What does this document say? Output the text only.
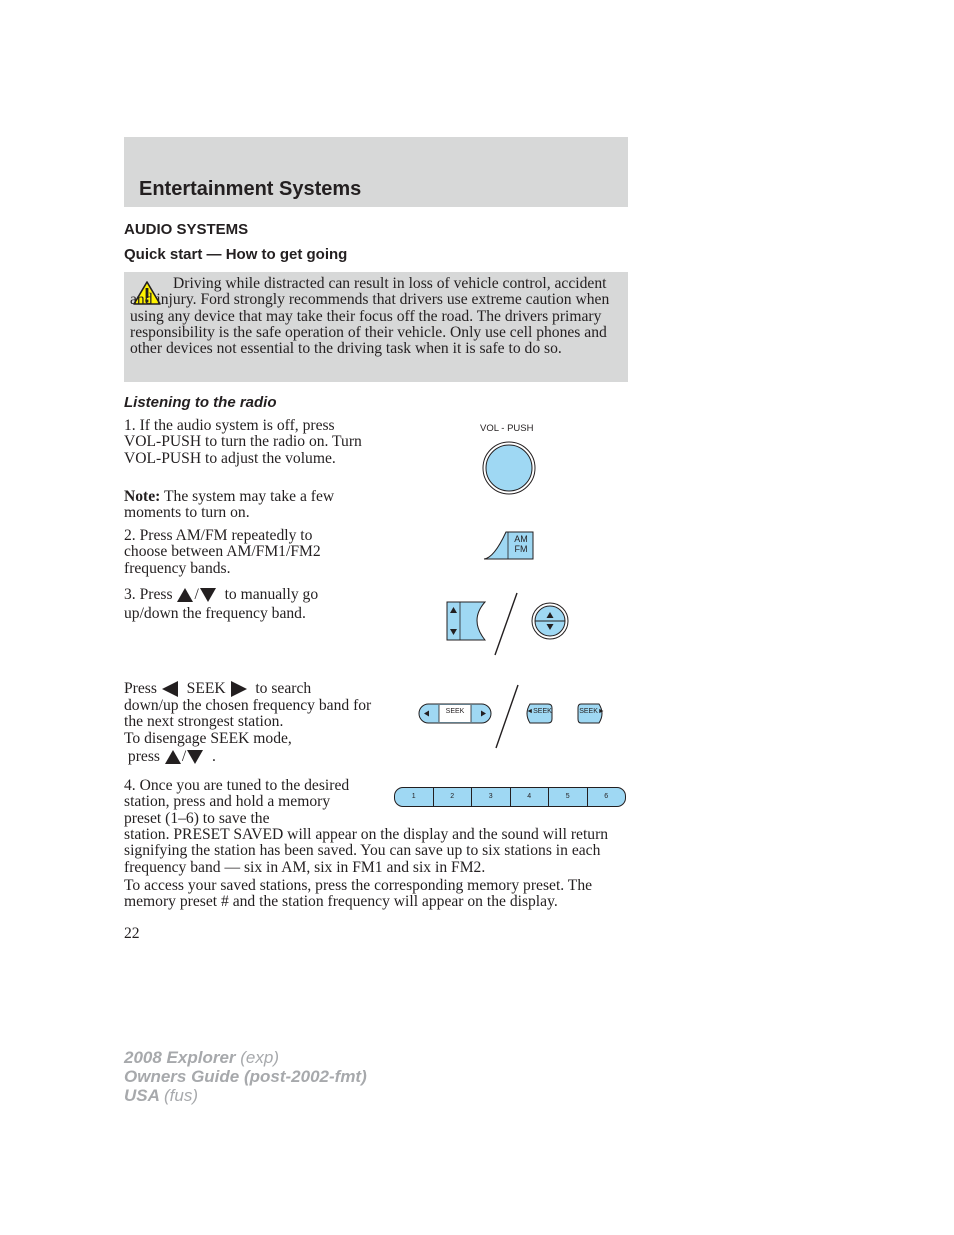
Entertainment Systems
AUDIO SYSTEMS
Quick start — How to get going
Driving while distracted can result in loss of vehicle control, accident and injury. Ford strongly recommends that drivers use extreme caution when using any device that may take their focus off the road. The drivers primary responsibility is the safe operation of their vehicle. Only use cell phones and other devices not essential to the driving task when it is safe to do so.
Listening to the radio
1. If the audio system is off, press VOL-PUSH to turn the radio on. Turn VOL-PUSH to adjust the volume.
Note: The system may take a few moments to turn on.
2. Press AM/FM repeatedly to choose between AM/FM1/FM2 frequency bands.
3. Press / to manually go
up/down the frequency band.
Press SEEK to search
down/up the chosen frequency band for the next strongest station.
To disengage SEEK mode,
press / .
4. Once you are tuned to the desired station, press and hold a memory preset (1–6) to save the
station. PRESET SAVED will appear on the display and the sound will return signifying the station has been saved. You can save up to six stations in each frequency band — six in AM, six in FM1 and six in FM2.
To access your saved stations, press the corresponding memory preset. The memory preset # and the station frequency will appear on the display.
VOL - PUSH
AM
FM
SEEK	◄SEEK	SEEK►
1	2	3	4	5	6
22
2008 Explorer (exp)
Owners Guide (post-2002-fmt)
USA (fus)
